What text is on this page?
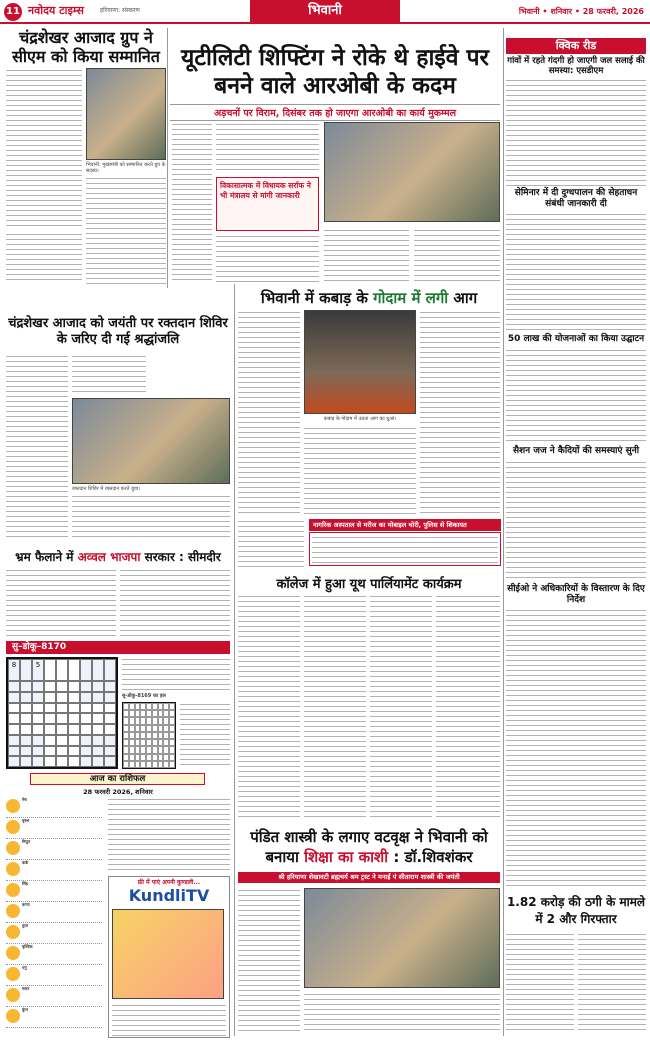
11 नवोदय टाइम्स	हरियाणा: संस्करण	भिवानी	भिवानी • शनिवार • 28 फरवरी, 2026
चंद्रशेखर आजाद ग्रुप ने सीएम को किया सम्मानित
भिवानी: मुख्यमंत्री को सम्मानित करते ग्रुप के सदस्य।
यूटीलिटी शिफ्टिंग ने रोके थे हाईवे पर बनने वाले आरओबी के कदम
अड़चनों पर विराम, दिसंबर तक हो जाएगा आरओबी का कार्य मुकम्मल
विकासात्मक में विधायक सर्राफ ने भी मंत्रालय से मांगी जानकारी
क्विक रीड
गांवों में रहते गंदगी हो जाएगी जल सलाई की समस्या: एसडीएम
सेमिनार में दी दुग्धपालन की सेहताधन संबंधी जानकारी दी
50 लाख की योजनाओं का किया उद्घाटन
सैशन जज ने कैदियों की समस्याएं सुनी
सीईओ ने अधिकारियों के विस्तारण के दिए निर्देश
भिवानी में कबाड़ के गोदाम में लगी आग
कबाड़ के गोदाम में उठता आग का धुआं।
चंद्रशेखर आजाद को जयंती पर रक्तदान शिविर के जरिए दी गई श्रद्धांजलि
रक्तदान शिविर में रक्तदान करते युवा।
भ्रम फैलाने में अव्वल भाजपा सरकार : सीमदीर
नागरिक अस्पताल से मरीज का मोबाइल चोरी, पुलिस से शिकायत
कॉलेज में हुआ यूथ पार्लियामेंट कार्यक्रम
सु–डोकू–8170
8	5
सु-डोकू-8169 का हल
आज का राशिफल
28 फरवरी 2026, शनिवार
मेष
वृषभ
मिथुन
कर्क
सिंह
कन्या
तुला
वृश्चिक
धनु
मकर
कुंभ
फ्री में पाएं अपनी कुण्डली...
KundliTV
पंडित शास्त्री के लगाए वटवृक्ष ने भिवानी को बनाया शिक्षा का काशी : डॉ.शिवशंकर
श्री हरियाणा शेखावटी ब्रह्मचर्य श्रम ट्रस्ट ने मनाई पं सीताराम शास्त्री की जयंती
1.82 करोड़ की ठगी के मामले में 2 और गिरफ्तार
